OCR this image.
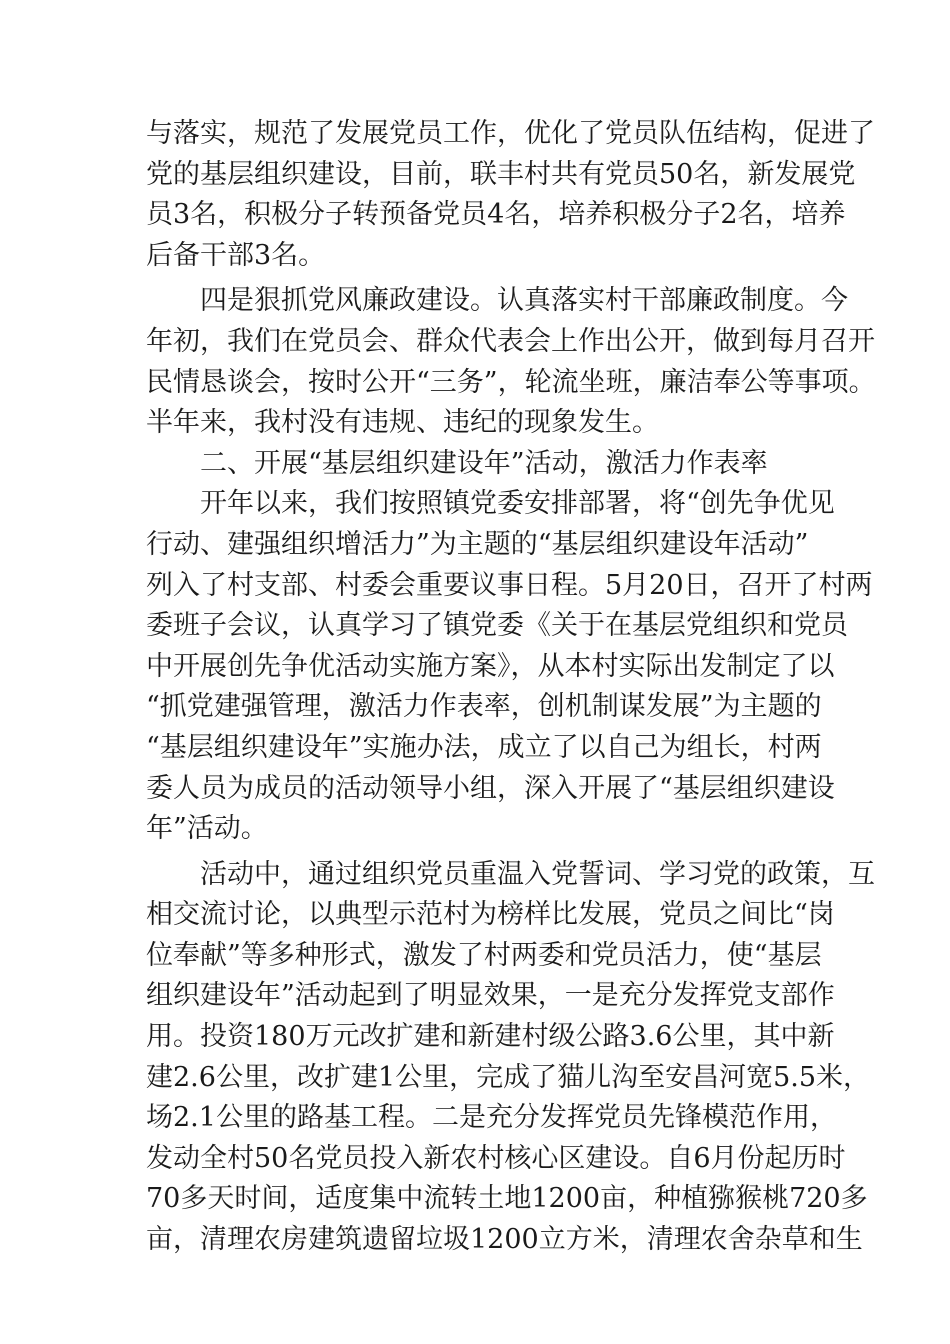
与落实，规范了发展党员工作，优化了党员队伍结构，促进了
党的基层组织建设，目前，联丰村共有党员50名，新发展党
员3名，积极分子转预备党员4名，培养积极分子2名，培养
后备干部3名。
　　四是狠抓党风廉政建设。认真落实村干部廉政制度。今
年初，我们在党员会、群众代表会上作出公开，做到每月召开
民情恳谈会，按时公开“三务”，轮流坐班，廉洁奉公等事项。
半年来，我村没有违规、违纪的现象发生。
　　二、开展“基层组织建设年”活动，激活力作表率
　　开年以来，我们按照镇党委安排部署，将“创先争优见
行动、建强组织增活力”为主题的“基层组织建设年活动”
列入了村支部、村委会重要议事日程。5月20日，召开了村两
委班子会议，认真学习了镇党委《关于在基层党组织和党员
中开展创先争优活动实施方案》，从本村实际出发制定了以
“抓党建强管理，激活力作表率，创机制谋发展”为主题的
“基层组织建设年”实施办法，成立了以自己为组长，村两
委人员为成员的活动领导小组，深入开展了“基层组织建设
年”活动。
　　活动中，通过组织党员重温入党誓词、学习党的政策，互
相交流讨论，以典型示范村为榜样比发展，党员之间比“岗
位奉献”等多种形式，激发了村两委和党员活力，使“基层
组织建设年”活动起到了明显效果，一是充分发挥党支部作
用。投资180万元改扩建和新建村级公路3.6公里，其中新
建2.6公里，改扩建1公里，完成了猫儿沟至安昌河宽5.5米，
场2.1公里的路基工程。二是充分发挥党员先锋模范作用，
发动全村50名党员投入新农村核心区建设。自6月份起历时
70多天时间，适度集中流转土地1200亩，种植猕猴桃720多
亩，清理农房建筑遗留垃圾1200立方米，清理农舍杂草和生
